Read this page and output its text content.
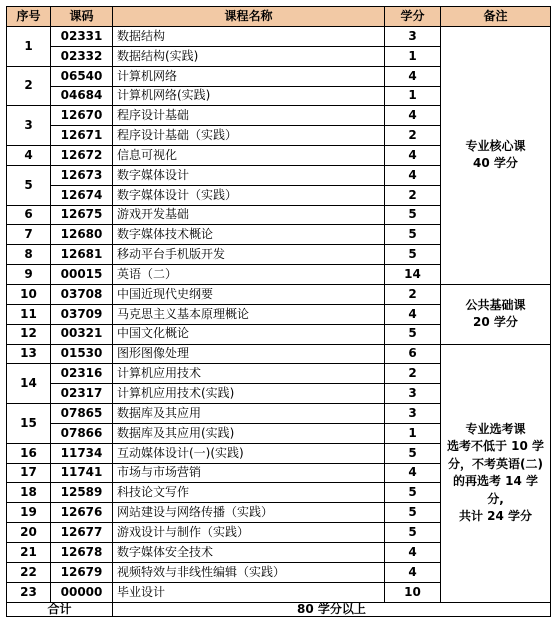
序号	课码	课程名称	学分	备注
1	02331	数据结构	3	专业核心课
40 学分

	02332	数据结构(实践)	1	
2	06540	计算机网络	4	
	04684	计算机网络(实践)	1	
3	12670	程序设计基础	4	
	12671	程序设计基础（实践）	2	
4	12672	信息可视化	4	
5	12673	数字媒体设计	4	
	12674	数字媒体设计（实践）	2	
6	12675	游戏开发基础	5	
7	12680	数字媒体技术概论	5	
8	12681	移动平台手机版开发	5	
9	00015	英语（二）	14	
10	03708	中国近现代史纲要	2	公共基础课
20 学分

11	03709	马克思主义基本原理概论	4	
12	00321	中国文化概论	5	
13	01530	图形图像处理	6	专业选考课
选考不低于 10 学
分，不考英语(二)
的再选考 14 学分,
共计 24 学分

14	02316	计算机应用技术	2	
	02317	计算机应用技术(实践)	3	
15	07865	数据库及其应用	3	
	07866	数据库及其应用(实践)	1	
16	11734	互动媒体设计(一)(实践)	5	
17	11741	市场与市场营销	4	
18	12589	科技论文写作	5	
19	12676	网站建设与网络传播（实践）	5	
20	12677	游戏设计与制作（实践）	5	
21	12678	数字媒体安全技术	4	
22	12679	视频特效与非线性编辑（实践）	4	
23	00000	毕业设计	10	
合计		80 学分以上		
